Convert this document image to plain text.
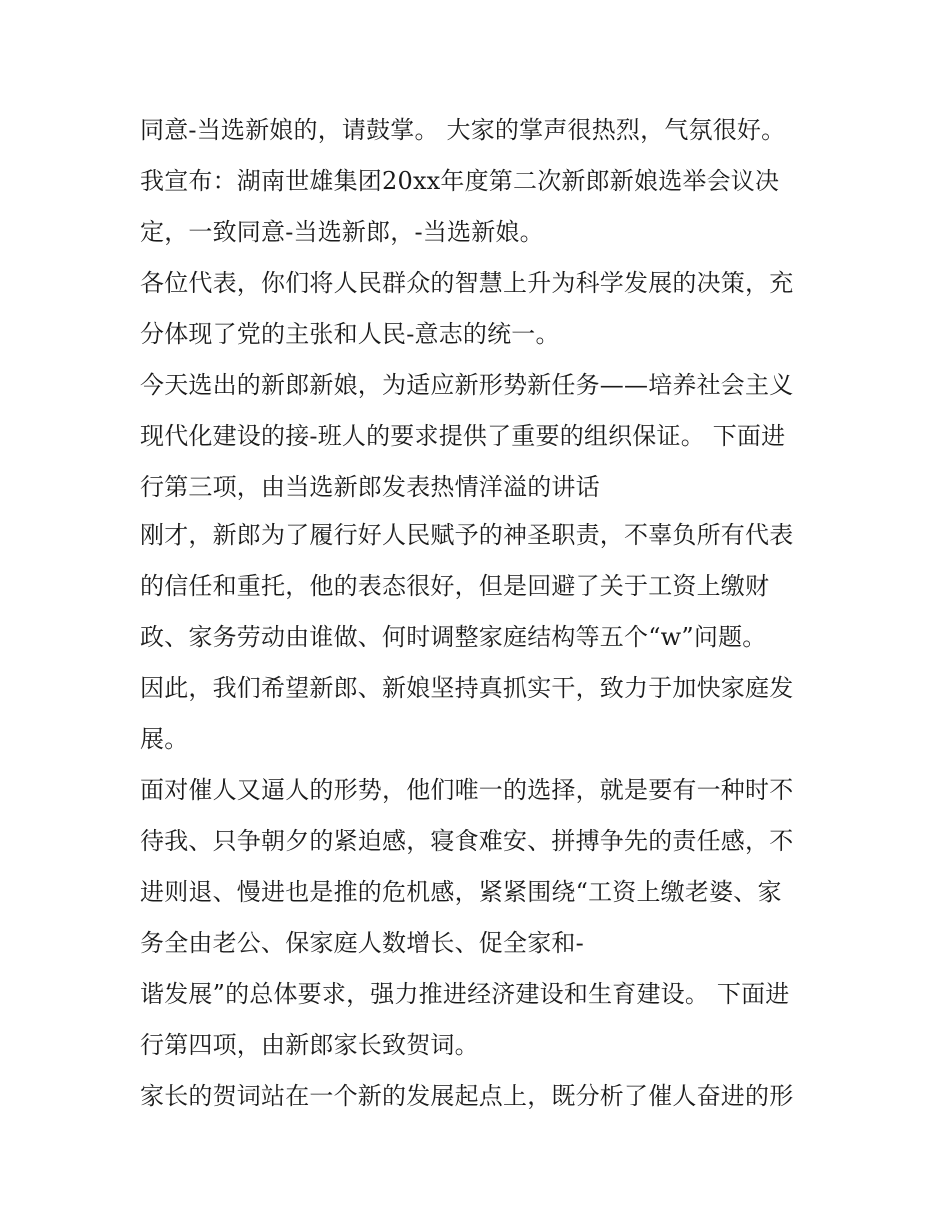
同意-当选新娘的，请鼓掌。 大家的掌声很热烈，气氛很好。
我宣布：湖南世雄集团20xx年度第二次新郎新娘选举会议决
定，一致同意-当选新郎，-当选新娘。
各位代表，你们将人民群众的智慧上升为科学发展的决策，充
分体现了党的主张和人民-意志的统一。
今天选出的新郎新娘，为适应新形势新任务——培养社会主义
现代化建设的接-班人的要求提供了重要的组织保证。 下面进
行第三项，由当选新郎发表热情洋溢的讲话
刚才，新郎为了履行好人民赋予的神圣职责，不辜负所有代表
的信任和重托，他的表态很好，但是回避了关于工资上缴财
政、家务劳动由谁做、何时调整家庭结构等五个“w”问题。
因此，我们希望新郎、新娘坚持真抓实干，致力于加快家庭发
展。
面对催人又逼人的形势，他们唯一的选择，就是要有一种时不
待我、只争朝夕的紧迫感，寝食难安、拼搏争先的责任感，不
进则退、慢进也是推的危机感，紧紧围绕“工资上缴老婆、家
务全由老公、保家庭人数增长、促全家和-
谐发展”的总体要求，强力推进经济建设和生育建设。 下面进
行第四项，由新郎家长致贺词。
家长的贺词站在一个新的发展起点上，既分析了催人奋进的形
